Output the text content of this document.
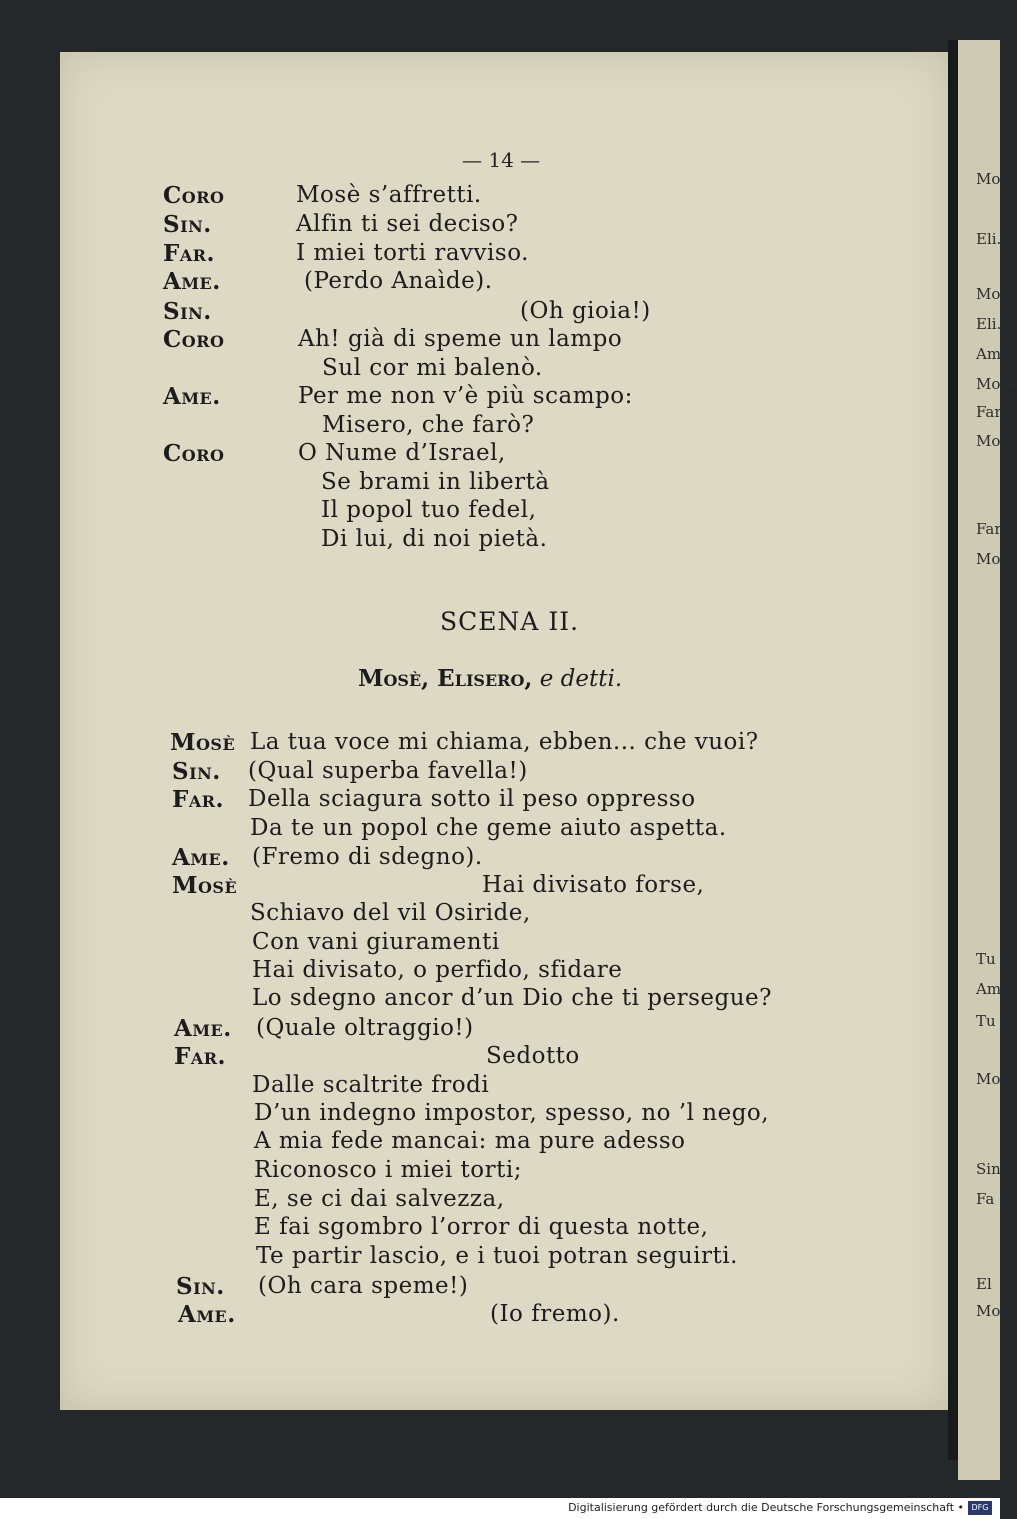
Mosè
Eli.
Mosè
Eli.
Ame
Mosè
Far.
Mos
Far
Mos
Tu
Am
Tu
Mo
Sin
Fa
El
Mo
— 14 —
Coro	Mosè s’affretti.
Sin.	Alfin ti sei deciso?
Far.	I miei torti ravviso.
Ame.	(Perdo Anaìde).
Sin.	(Oh gioia!)
Coro	Ah! già di speme un lampo
Sul cor mi balenò.
Ame.	Per me non v’è più scampo:
Misero, che farò?
Coro	O Nume d’Israel,
Se brami in libertà
Il popol tuo fedel,
Di lui, di noi pietà.
SCENA II.
Mosè, Elisero, e detti.
Mosè La tua voce mi chiama, ebben... che vuoi?
Sin. (Qual superba favella!)
Far. Della sciagura sotto il peso oppresso
Da te un popol che geme aiuto aspetta.
Ame. (Fremo di sdegno).
Mosè	Hai divisato forse,
Schiavo del vil Osiride,
Con vani giuramenti
Hai divisato, o perfido, sfidare
Lo sdegno ancor d’un Dio che ti persegue?
Ame. (Quale oltraggio!)
Far.	Sedotto
Dalle scaltrite frodi
D’un indegno impostor, spesso, no ’l nego,
A mia fede mancai: ma pure adesso
Riconosco i miei torti;
E, se ci dai salvezza,
E fai sgombro l’orror di questa notte,
Te partir lascio, e i tuoi potran seguirti.
Sin. (Oh cara speme!)
Ame.	(Io fremo).
Digitalisierung gefördert durch die Deutsche Forschungsgemeinschaft • DFG
